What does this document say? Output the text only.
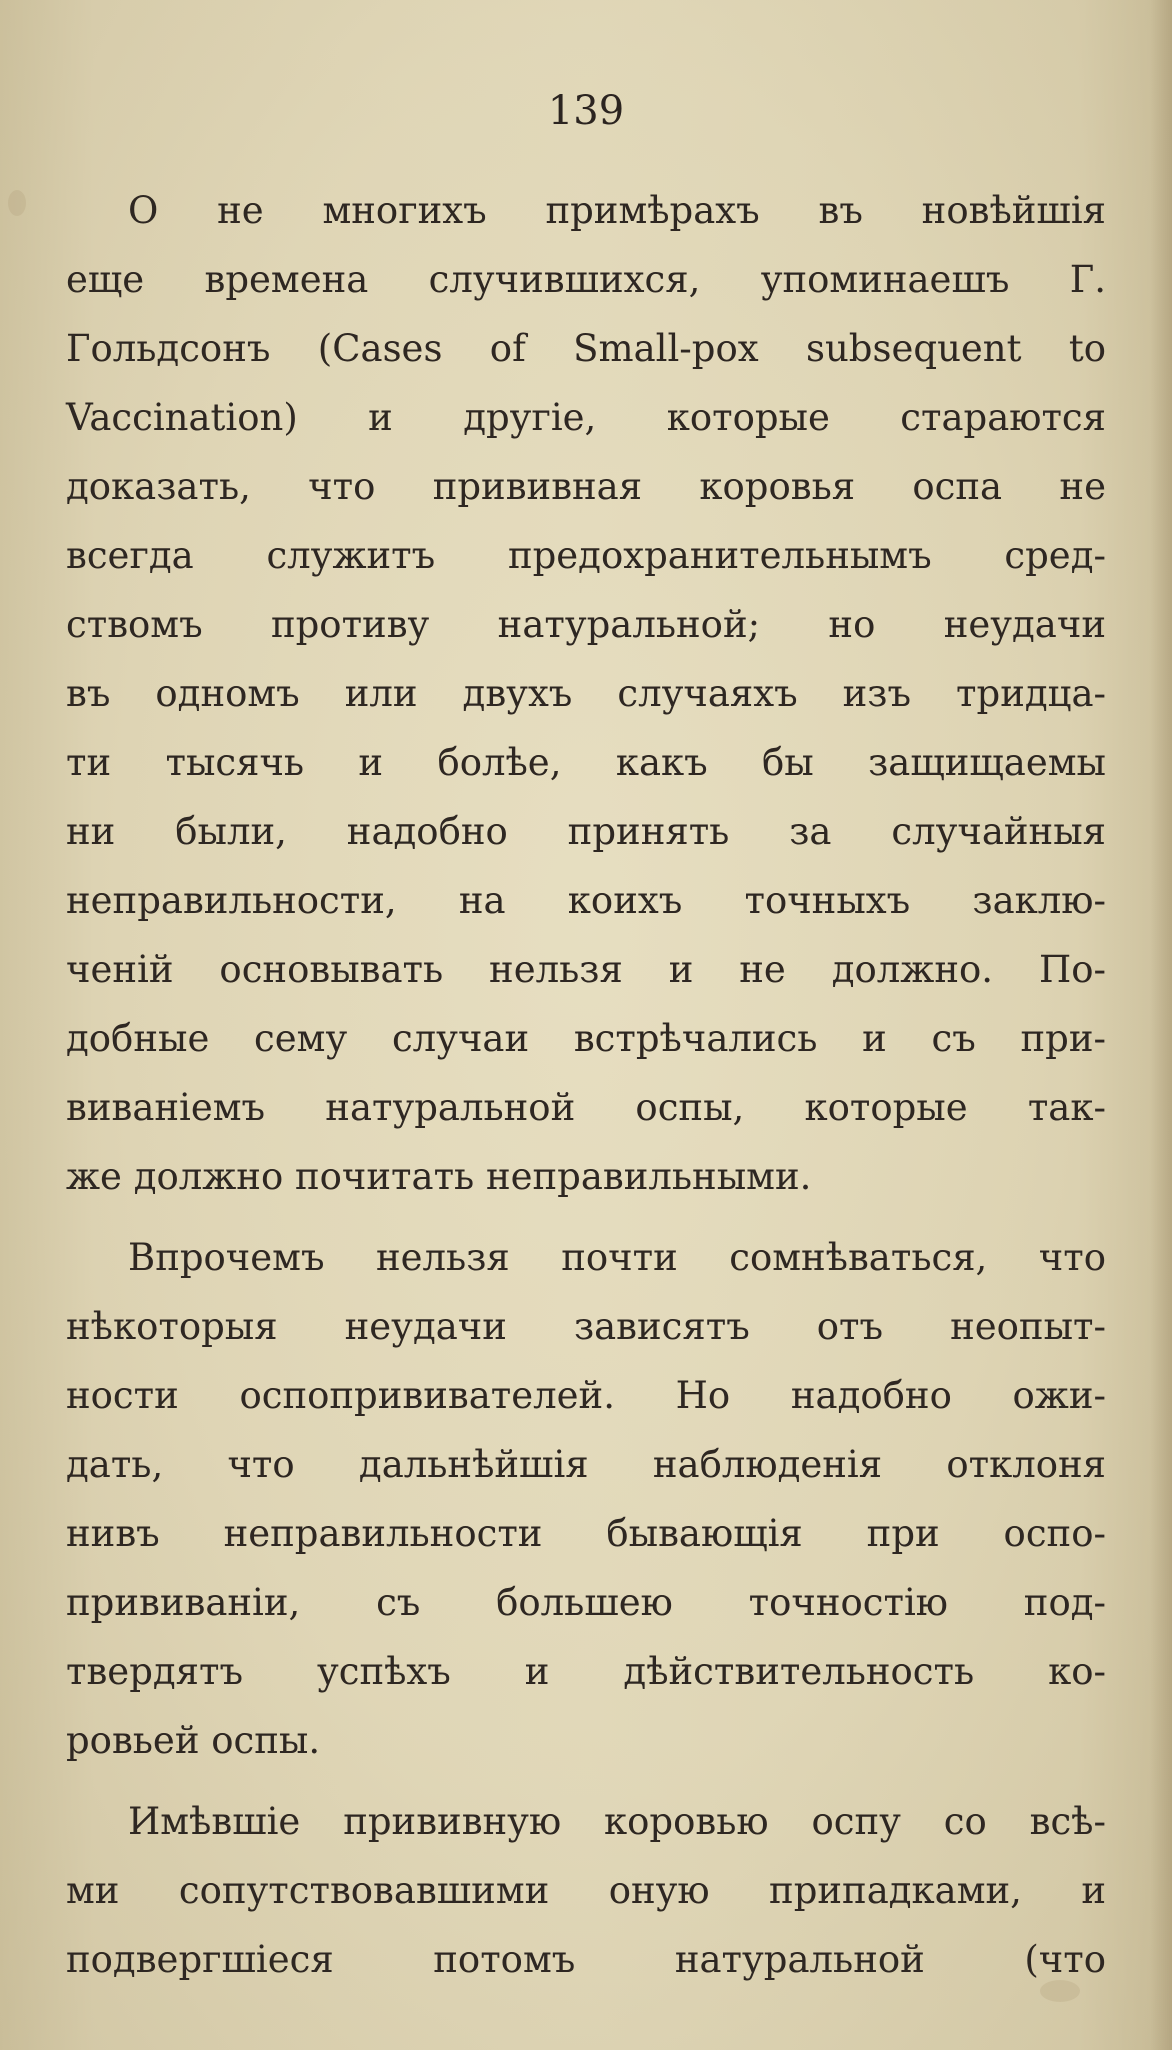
139

О не многихъ примѣрахъ въ новѣйшія
еще времена случившихся, упоминаешъ Г.
Гольдсонъ (Cases of Small-pox subsequent to
Vaccination) и другіе, которые стараются
доказать, что прививная коровья оспа не
всегда служитъ предохранительнымъ сред-
ствомъ противу натуральной; но неудачи
въ одномъ или двухъ случаяхъ изъ тридца-
ти тысячь и болѣе, какъ бы защищаемы
ни были, надобно принять за случайныя
неправильности, на коихъ точныхъ заклю-
ченій основывать нельзя и не должно. По-
добные сему случаи встрѣчались и съ при-
виваніемъ натуральной оспы, которые так-
же должно почитать неправильными.

Впрочемъ нельзя почти сомнѣваться, что
нѣкоторыя неудачи зависятъ отъ неопыт-
ности оспопрививателей. Но надобно ожи-
дать, что дальнѣйшія наблюденія отклоня
нивъ неправильности бывающія при оспо-
прививаніи, съ большею точностію под-
твердятъ успѣхъ и дѣйствительность ко-
ровьей оспы.

Имѣвшіе прививную коровью оспу со всѣ-
ми сопутствовавшими оную припадками, и
подвергшіеся потомъ натуральной (что
